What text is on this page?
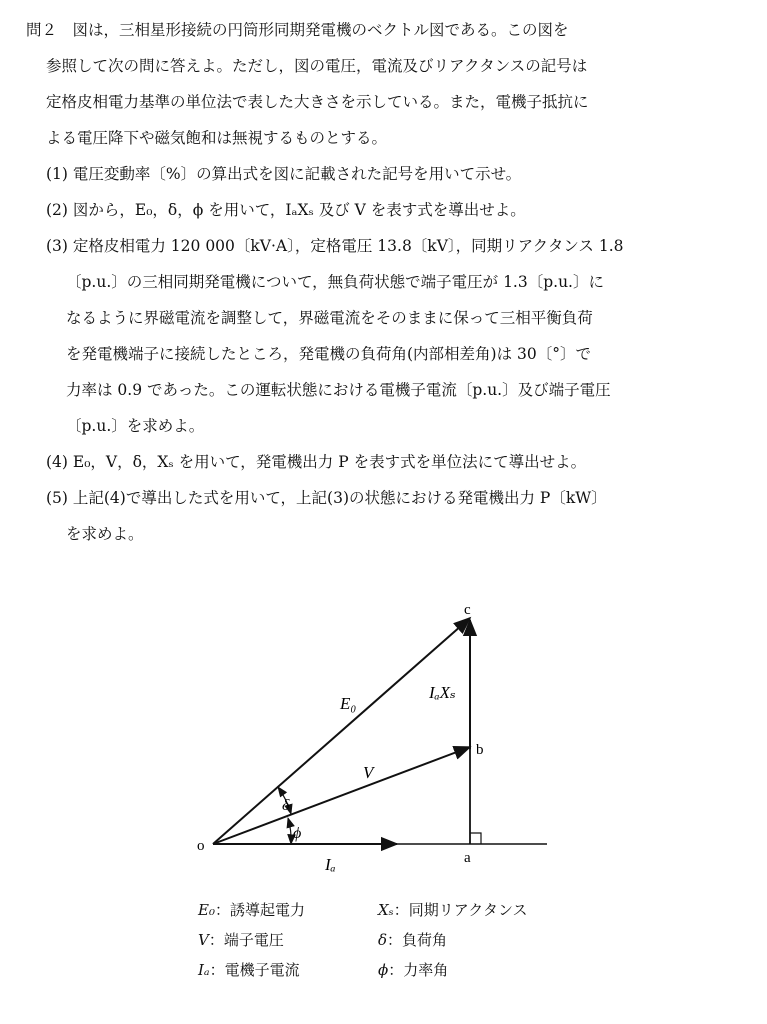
問２　図は，三相星形接続の円筒形同期発電機のベクトル図である。この図を
参照して次の問に答えよ。ただし，図の電圧，電流及びリアクタンスの記号は
定格皮相電力基準の単位法で表した大きさを示している。また，電機子抵抗に
よる電圧降下や磁気飽和は無視するものとする。
(1) 電圧変動率〔%〕の算出式を図に記載された記号を用いて示せ。
(2) 図から，E₀，δ，ϕ を用いて，IₐXₛ 及び V を表す式を導出せよ。
(3) 定格皮相電力 120 000〔kV·A〕，定格電圧 13.8〔kV〕，同期リアクタンス 1.8
〔p.u.〕の三相同期発電機について，無負荷状態で端子電圧が 1.3〔p.u.〕に
なるように界磁電流を調整して，界磁電流をそのままに保って三相平衡負荷
を発電機端子に接続したところ，発電機の負荷角(内部相差角)は 30〔°〕で
力率は 0.9 であった。この運転状態における電機子電流〔p.u.〕及び端子電圧
〔p.u.〕を求めよ。
(4) E₀，V，δ，Xₛ を用いて，発電機出力 P を表す式を単位法にて導出せよ。
(5) 上記(4)で導出した式を用いて，上記(3)の状態における発電機出力 P〔kW〕
を求めよ。
o
a
b
c
E₀
V
Iₐ
IₐXₛ
δ
ϕ
E₀：誘導起電力
V：端子電圧
Iₐ：電機子電流
Xₛ：同期リアクタンス
δ：負荷角
ϕ：力率角
